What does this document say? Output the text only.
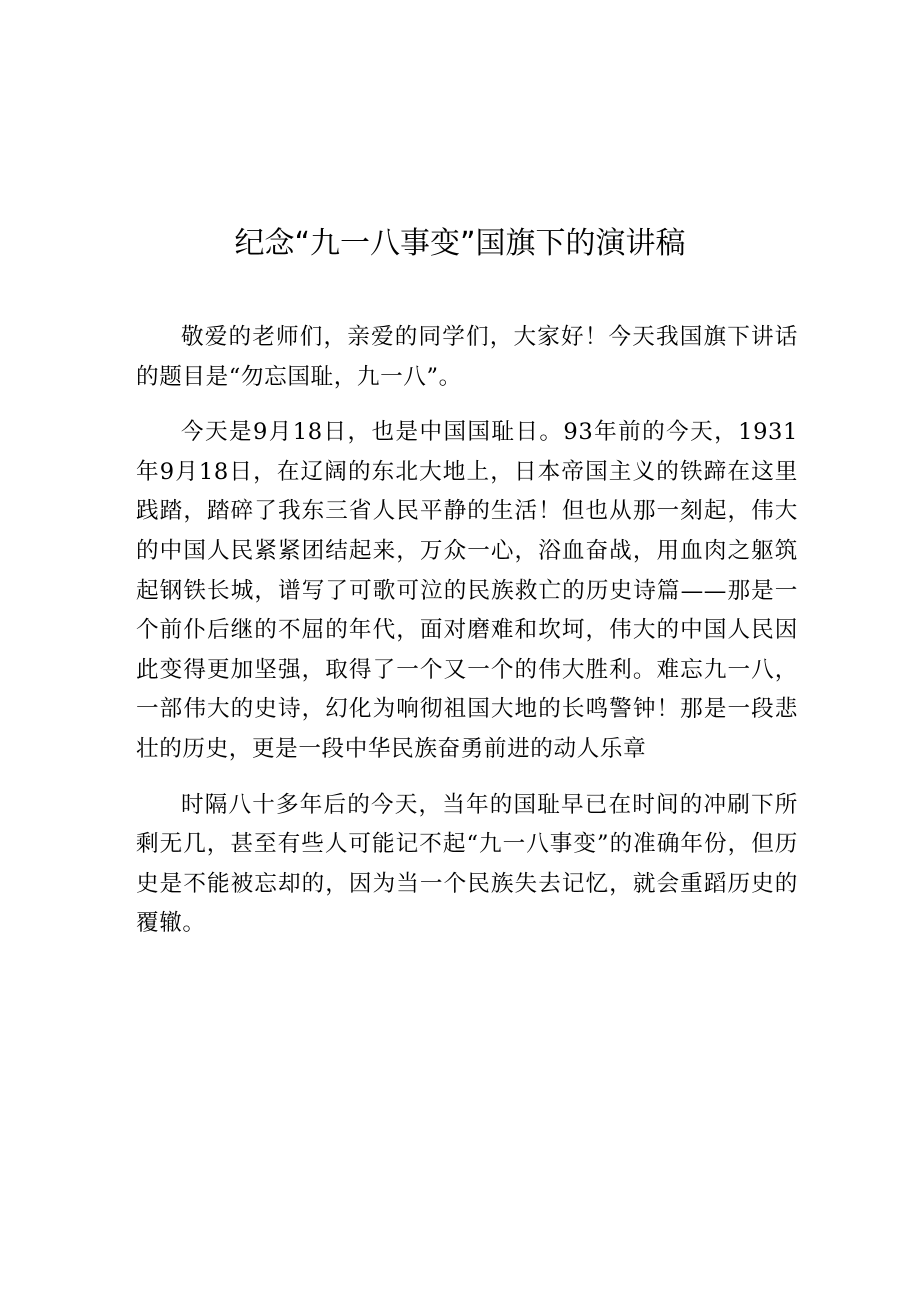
纪念“九一八事变”国旗下的演讲稿

敬爱的老师们，亲爱的同学们，大家好！今天我国旗下讲话的题目是“勿忘国耻，九一八”。

今天是9月18日，也是中国国耻日。93年前的今天，1931年9月18日，在辽阔的东北大地上，日本帝国主义的铁蹄在这里践踏，踏碎了我东三省人民平静的生活！但也从那一刻起，伟大的中国人民紧紧团结起来，万众一心，浴血奋战，用血肉之躯筑起钢铁长城，谱写了可歌可泣的民族救亡的历史诗篇——那是一个前仆后继的不屈的年代，面对磨难和坎坷，伟大的中国人民因此变得更加坚强，取得了一个又一个的伟大胜利。难忘九一八，一部伟大的史诗，幻化为响彻祖国大地的长鸣警钟！那是一段悲壮的历史，更是一段中华民族奋勇前进的动人乐章

时隔八十多年后的今天，当年的国耻早已在时间的冲刷下所剩无几，甚至有些人可能记不起“九一八事变”的准确年份，但历史是不能被忘却的，因为当一个民族失去记忆，就会重蹈历史的覆辙。
